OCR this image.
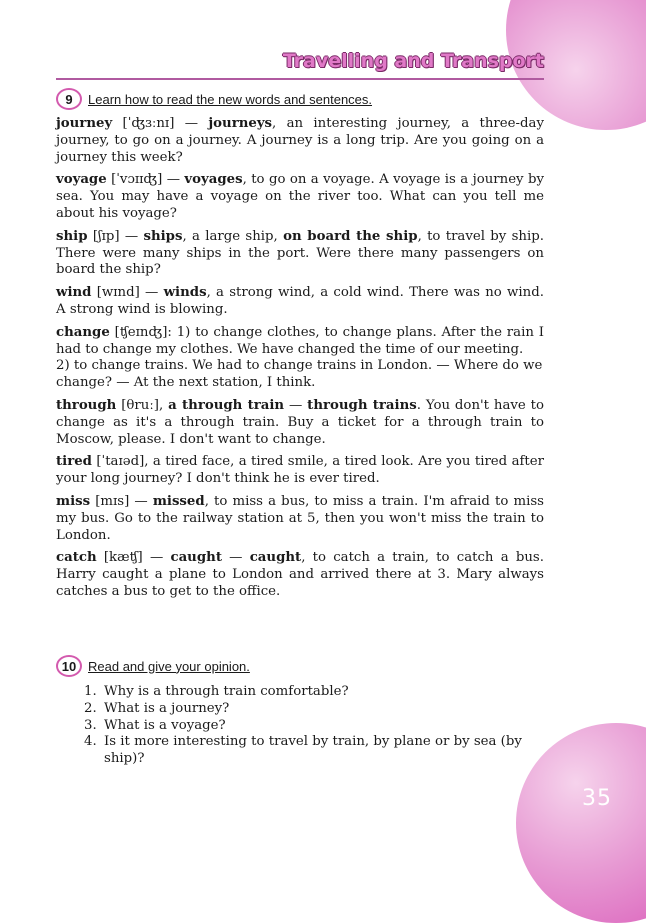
Travelling and Transport
9	Learn how to read the new words and sentences.

journey [ˈʤɜːnɪ] — journeys, an interesting journey, a three-day journey, to go on a journey. A journey is a long trip. Are you going on a journey this week?

voyage [ˈvɔɪɪʤ] — voyages, to go on a voyage. A voyage is a journey by sea. You may have a voyage on the river too. What can you tell me about his voyage?

ship [ʃɪp] — ships, a large ship, on board the ship, to travel by ship. There were many ships in the port. Were there many passengers on board the ship?

wind [wɪnd] — winds, a strong wind, a cold wind. There was no wind. A strong wind is blowing.

change [ʧeɪnʤ]: 1) to change clothes, to change plans. After the rain I had to change my clothes. We have changed the time of our meeting.
2) to change trains. We had to change trains in London. — Where do we change? — At the next station, I think.

through [θruː], a through train — through trains. You don't have to change as it's a through train. Buy a ticket for a through train to Moscow, please. I don't want to change.

tired [ˈtaɪəd], a tired face, a tired smile, a tired look. Are you tired after your long journey? I don't think he is ever tired.

miss [mɪs] — missed, to miss a bus, to miss a train. I'm afraid to miss my bus. Go to the railway station at 5, then you won't miss the train to London.

catch [kæʧ] — caught — caught, to catch a train, to catch a bus. Harry caught a plane to London and arrived there at 3. Mary always catches a bus to get to the office.

10 Read and give your opinion.
1. Why is a through train comfortable?
2. What is a journey?
3. What is a voyage?
4. Is it more interesting to travel by train, by plane or by sea (by ship)?
35
